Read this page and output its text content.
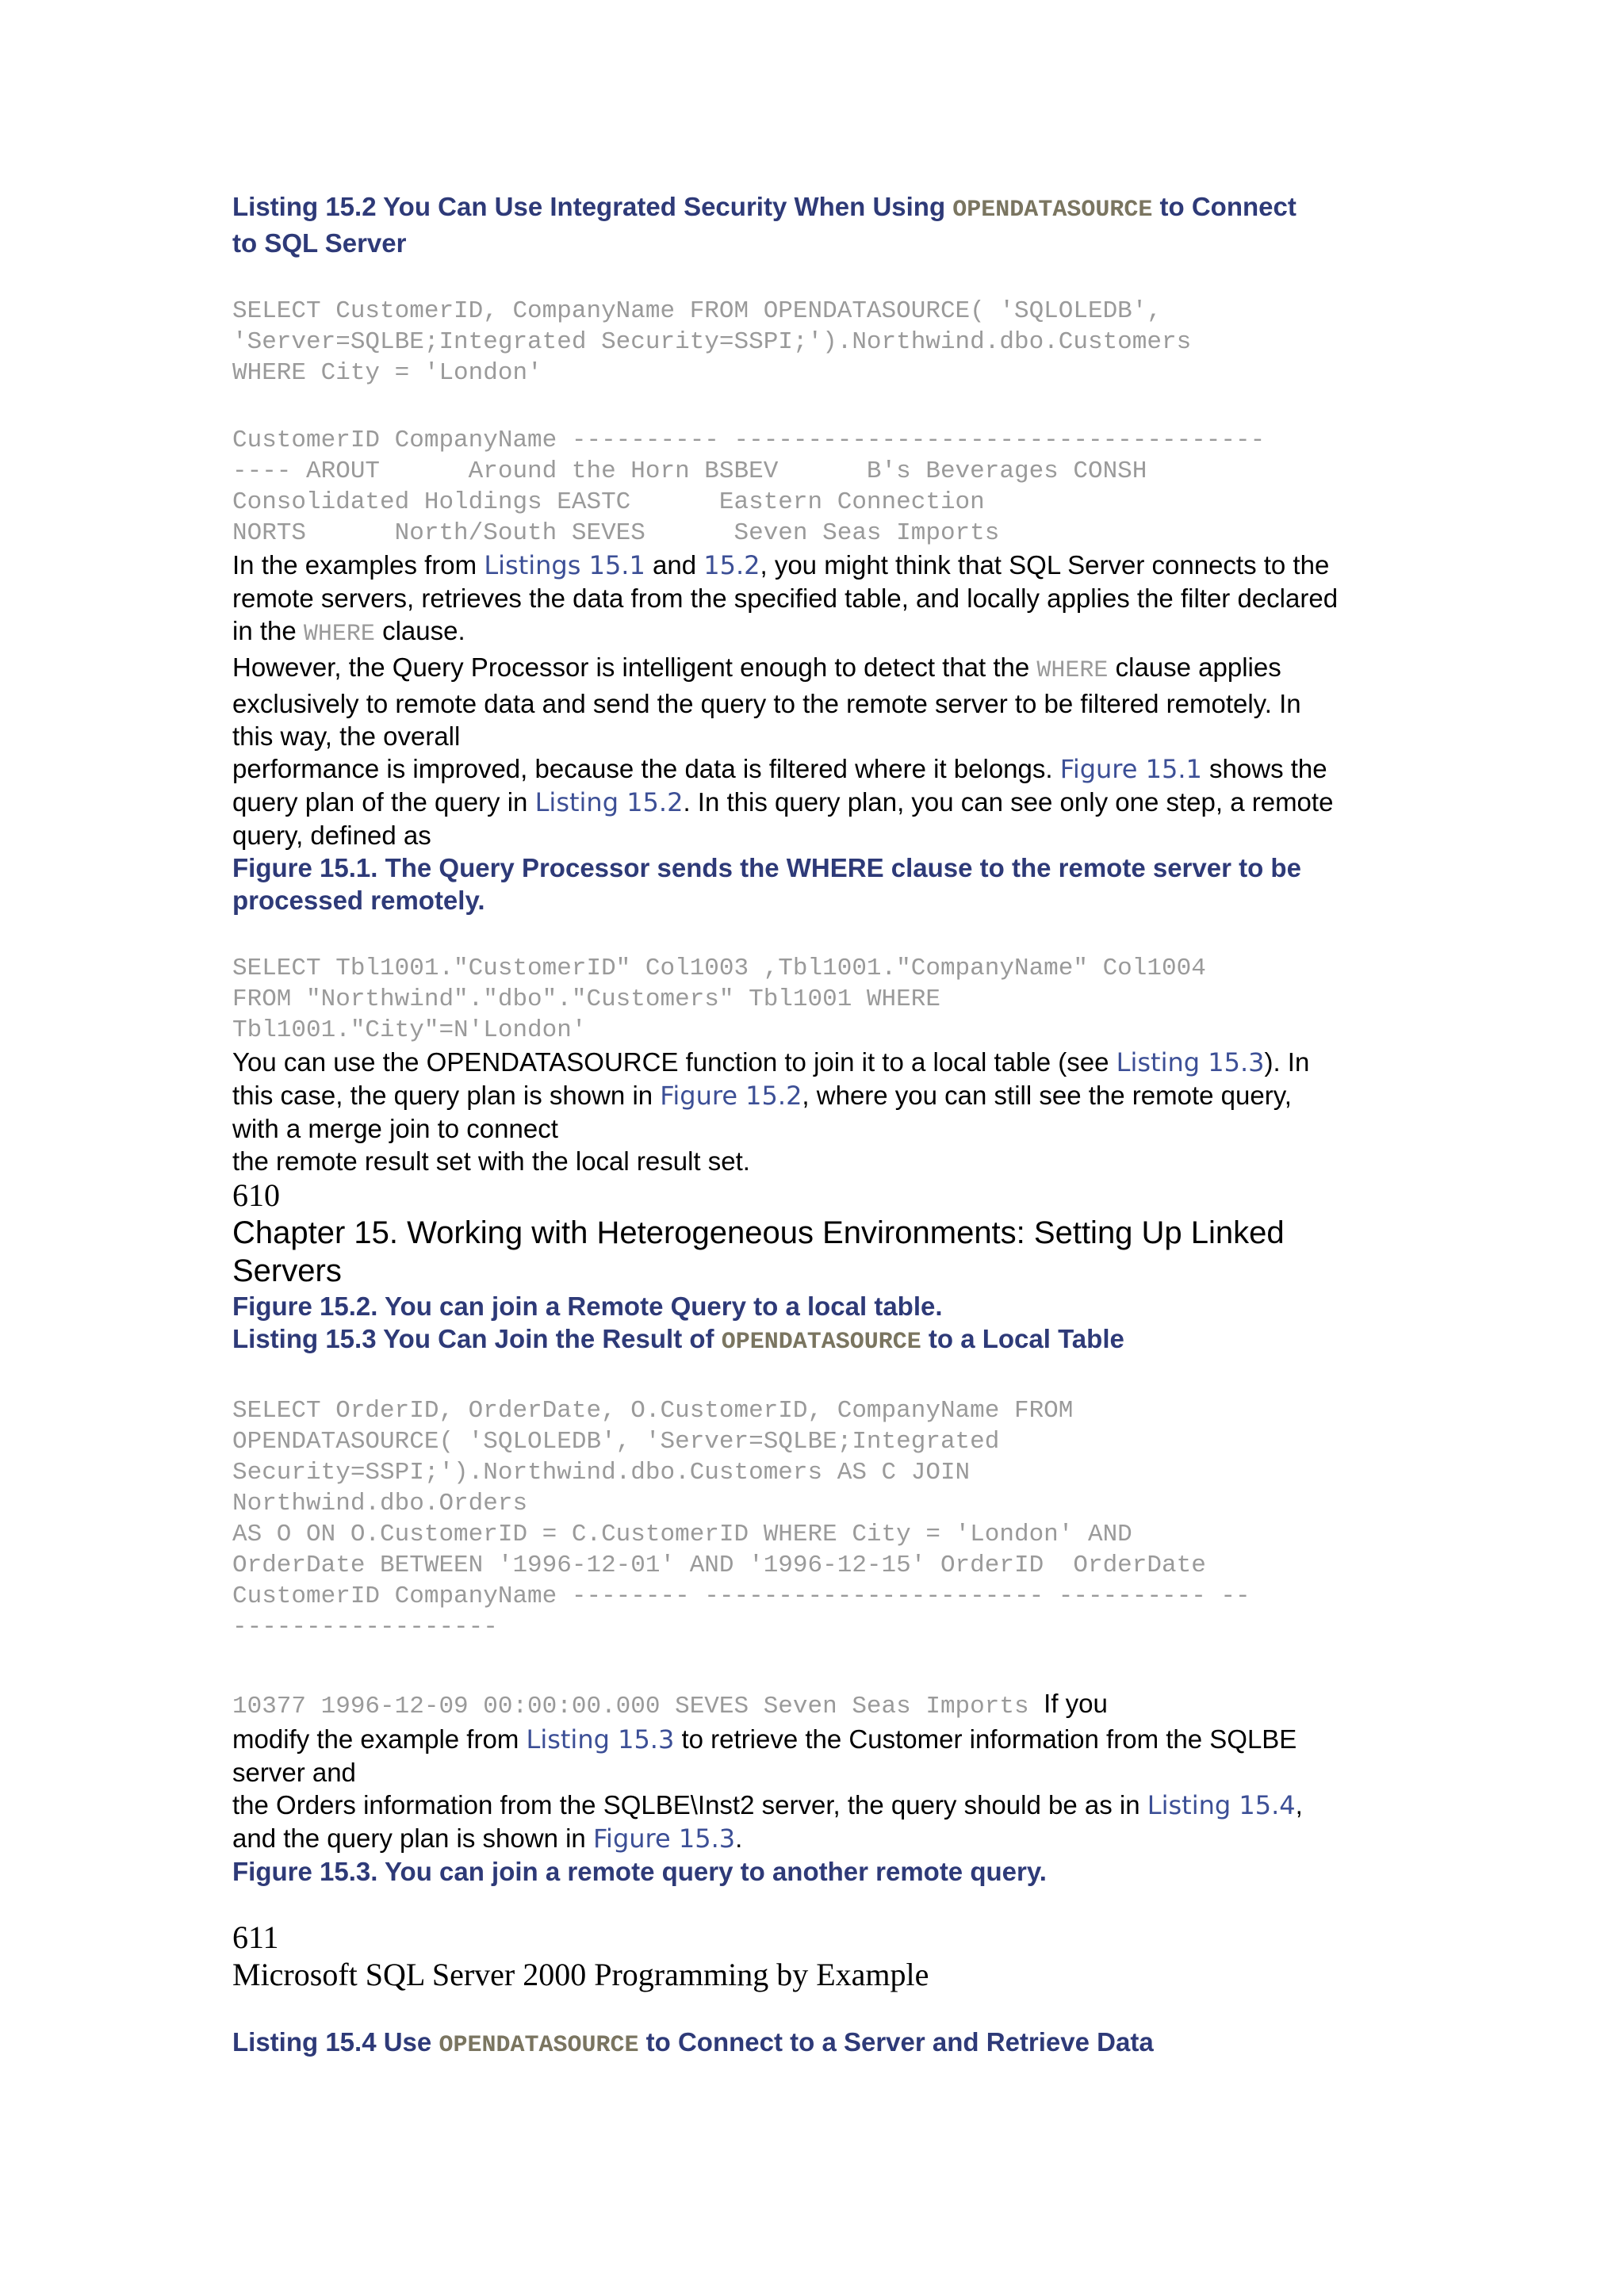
Listing 15.2 You Can Use Integrated Security When Using OPENDATASOURCE to Connect
to SQL Server

SELECT CustomerID, CompanyName FROM OPENDATASOURCE( 'SQLOLEDB',

'Server=SQLBE;Integrated Security=SSPI;').Northwind.dbo.Customers

WHERE City = 'London'

CustomerID CompanyName ---------- ------------------------------------

---- AROUT      Around the Horn BSBEV      B's Beverages CONSH

Consolidated Holdings EASTC      Eastern Connection

NORTS      North/South SEVES      Seven Seas Imports

In the examples from Listings 15.1 and 15.2, you might think that SQL Server connects to the
remote servers, retrieves the data from the specified table, and locally applies the filter declared
in the WHERE clause.

However, the Query Processor is intelligent enough to detect that the WHERE clause applies
exclusively to remote data and send the query to the remote server to be filtered remotely. In
this way, the overall
performance is improved, because the data is filtered where it belongs. Figure 15.1 shows the
query plan of the query in Listing 15.2. In this query plan, you can see only one step, a remote
query, defined as

Figure 15.1. The Query Processor sends the WHERE clause to the remote server to be
processed remotely.

SELECT Tbl1001."CustomerID" Col1003 ,Tbl1001."CompanyName" Col1004

FROM "Northwind"."dbo"."Customers" Tbl1001 WHERE

Tbl1001."City"=N'London'

You can use the OPENDATASOURCE function to join it to a local table (see Listing 15.3). In
this case, the query plan is shown in Figure 15.2, where you can still see the remote query,
with a merge join to connect
the remote result set with the local result set.

610

Chapter 15. Working with Heterogeneous Environments: Setting Up Linked
Servers

Figure 15.2. You can join a Remote Query to a local table.

Listing 15.3 You Can Join the Result of OPENDATASOURCE to a Local Table

SELECT OrderID, OrderDate, O.CustomerID, CompanyName FROM

OPENDATASOURCE( 'SQLOLEDB', 'Server=SQLBE;Integrated

Security=SSPI;').Northwind.dbo.Customers AS C JOIN

Northwind.dbo.Orders

AS O ON O.CustomerID = C.CustomerID WHERE City = 'London' AND

OrderDate BETWEEN '1996-12-01' AND '1996-12-15' OrderID  OrderDate

CustomerID CompanyName -------- ----------------------- ---------- --

------------------

10377 1996-12-09 00:00:00.000 SEVES Seven Seas Imports If you
modify the example from Listing 15.3 to retrieve the Customer information from the SQLBE
server and
the Orders information from the SQLBE\Inst2 server, the query should be as in Listing 15.4,
and the query plan is shown in Figure 15.3.

Figure 15.3. You can join a remote query to another remote query.

611

Microsoft SQL Server 2000 Programming by Example

Listing 15.4 Use OPENDATASOURCE to Connect to a Server and Retrieve Data
